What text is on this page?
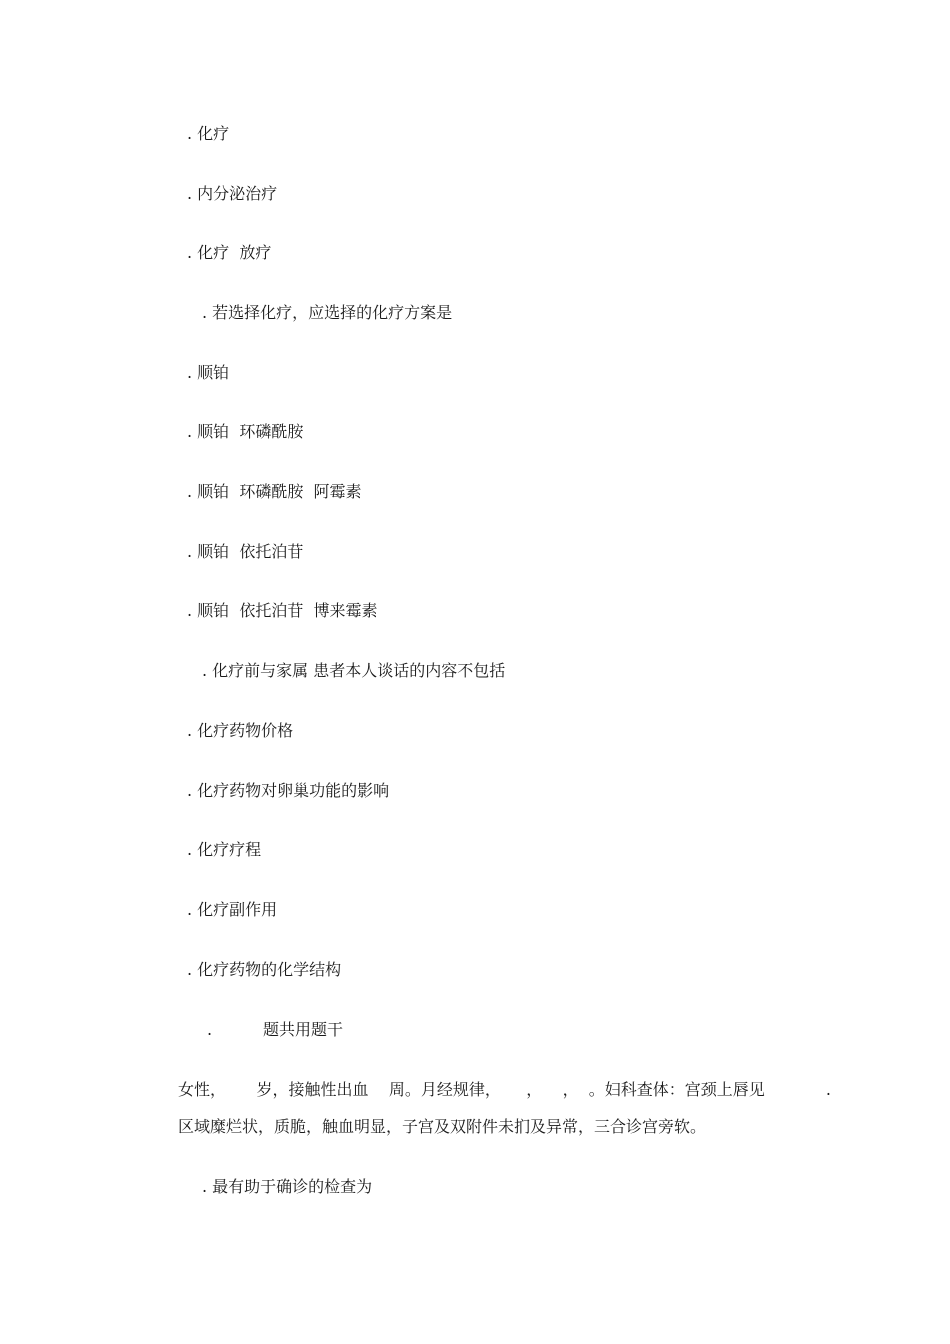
. 化疗
. 内分泌治疗
. 化疗  放疗
. 若选择化疗，应选择的化疗方案是
. 顺铂
. 顺铂  环磷酰胺
. 顺铂  环磷酰胺  阿霉素
. 顺铂  依托泊苷
. 顺铂  依托泊苷  博来霉素
. 化疗前与家属 患者本人谈话的内容不包括
. 化疗药物价格
. 化疗药物对卵巢功能的影响
. 化疗疗程
. 化疗副作用
. 化疗药物的化学结构
.          题共用题干
女性，      岁，接触性出血    周。月经规律，     ，    ，  。妇科查体：宫颈上唇见            .
区域糜烂状，质脆，触血明显，子宫及双附件未扪及异常，三合诊宫旁软。
. 最有助于确诊的检查为
